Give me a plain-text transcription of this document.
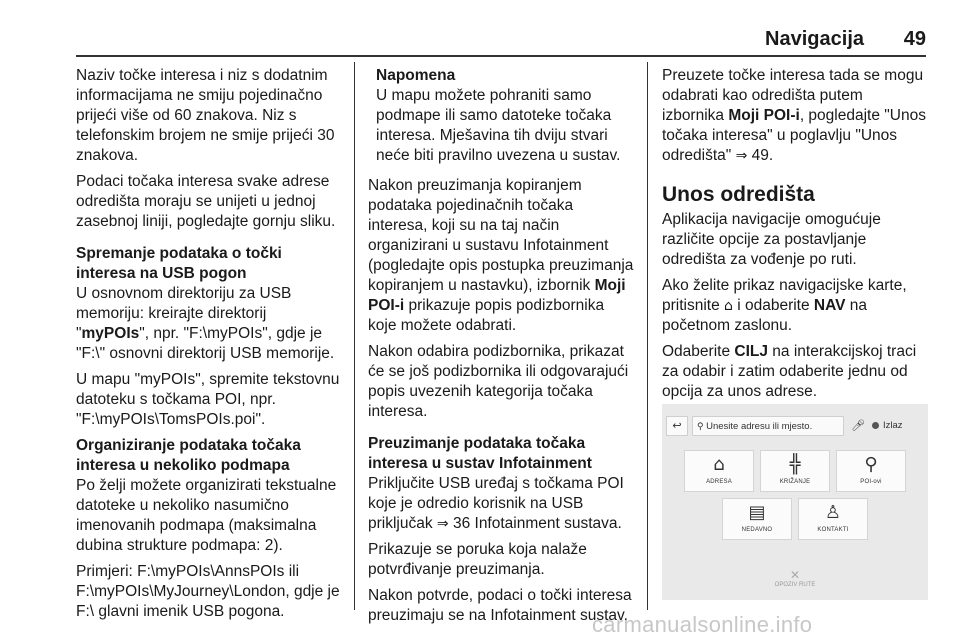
Navigacija 49

Naziv točke interesa i niz s dodatnim informacijama ne smiju pojedinačno prijeći više od 60 znakova. Niz s telefonskim brojem ne smije prijeći 30 znakova.

Podaci točaka interesa svake adrese odredišta moraju se unijeti u jednoj zasebnoj liniji, pogledajte gornju sliku.

Spremanje podataka o točki interesa na USB pogon

U osnovnom direktoriju za USB memoriju: kreirajte direktorij "myPOIs", npr. "F:\myPOIs", gdje je "F:\" osnovni direktorij USB memorije.

U mapu "myPOIs", spremite tekstovnu datoteku s točkama POI, npr. "F:\myPOIs\TomsPOIs.poi".

Organiziranje podataka točaka interesa u nekoliko podmapa

Po želji možete organizirati tekstualne datoteke u nekoliko nasumično imenovanih podmapa (maksimalna dubina strukture podmapa: 2).

Primjeri: F:\myPOIs\AnnsPOIs ili F:\myPOIs\MyJourney\London, gdje je F:\ glavni imenik USB pogona.

Napomena
U mapu možete pohraniti samo podmape ili samo datoteke točaka interesa. Mješavina tih dviju stvari neće biti pravilno uvezena u sustav.

Nakon preuzimanja kopiranjem podataka pojedinačnih točaka interesa, koji su na taj način organizirani u sustavu Infotainment (pogledajte opis postupka preuzimanja kopiranjem u nastavku), izbornik Moji POI-i prikazuje popis podizbornika koje možete odabrati.

Nakon odabira podizbornika, prikazat će se još podizbornika ili odgovarajući popis uvezenih kategorija točaka interesa.

Preuzimanje podataka točaka interesa u sustav Infotainment

Priključite USB uređaj s točkama POI koje je odredio korisnik na USB priključak ⇒ 36 Infotainment sustava.

Prikazuje se poruka koja nalaže potvrđivanje preuzimanja.

Nakon potvrde, podaci o točki interesa preuzimaju se na Infotainment sustav.

Preuzete točke interesa tada se mogu odabrati kao odredišta putem izbornika Moji POI-i, pogledajte "Unos točaka interesa" u poglavlju "Unos odredišta" ⇒ 49.

Unos odredišta

Aplikacija navigacije omogućuje različite opcije za postavljanje odredišta za vođenje po ruti.

Ako želite prikaz navigacijske karte, pritisnite ⌂ i odaberite NAV na početnom zaslonu.

Odaberite CILJ na interakcijskoj traci za odabir i zatim odaberite jednu od opcija za unos adrese.

↩	⚲ Unesite adresu ili mjesto.	🎤︎	Izlaz
⌂
ADRESA
╬
KRIŽANJE
⚲
POI-ovi
▤
NEDAVNO
♙
KONTAKTI
✕
OPOZIV RUTE
carmanualsonline.info
